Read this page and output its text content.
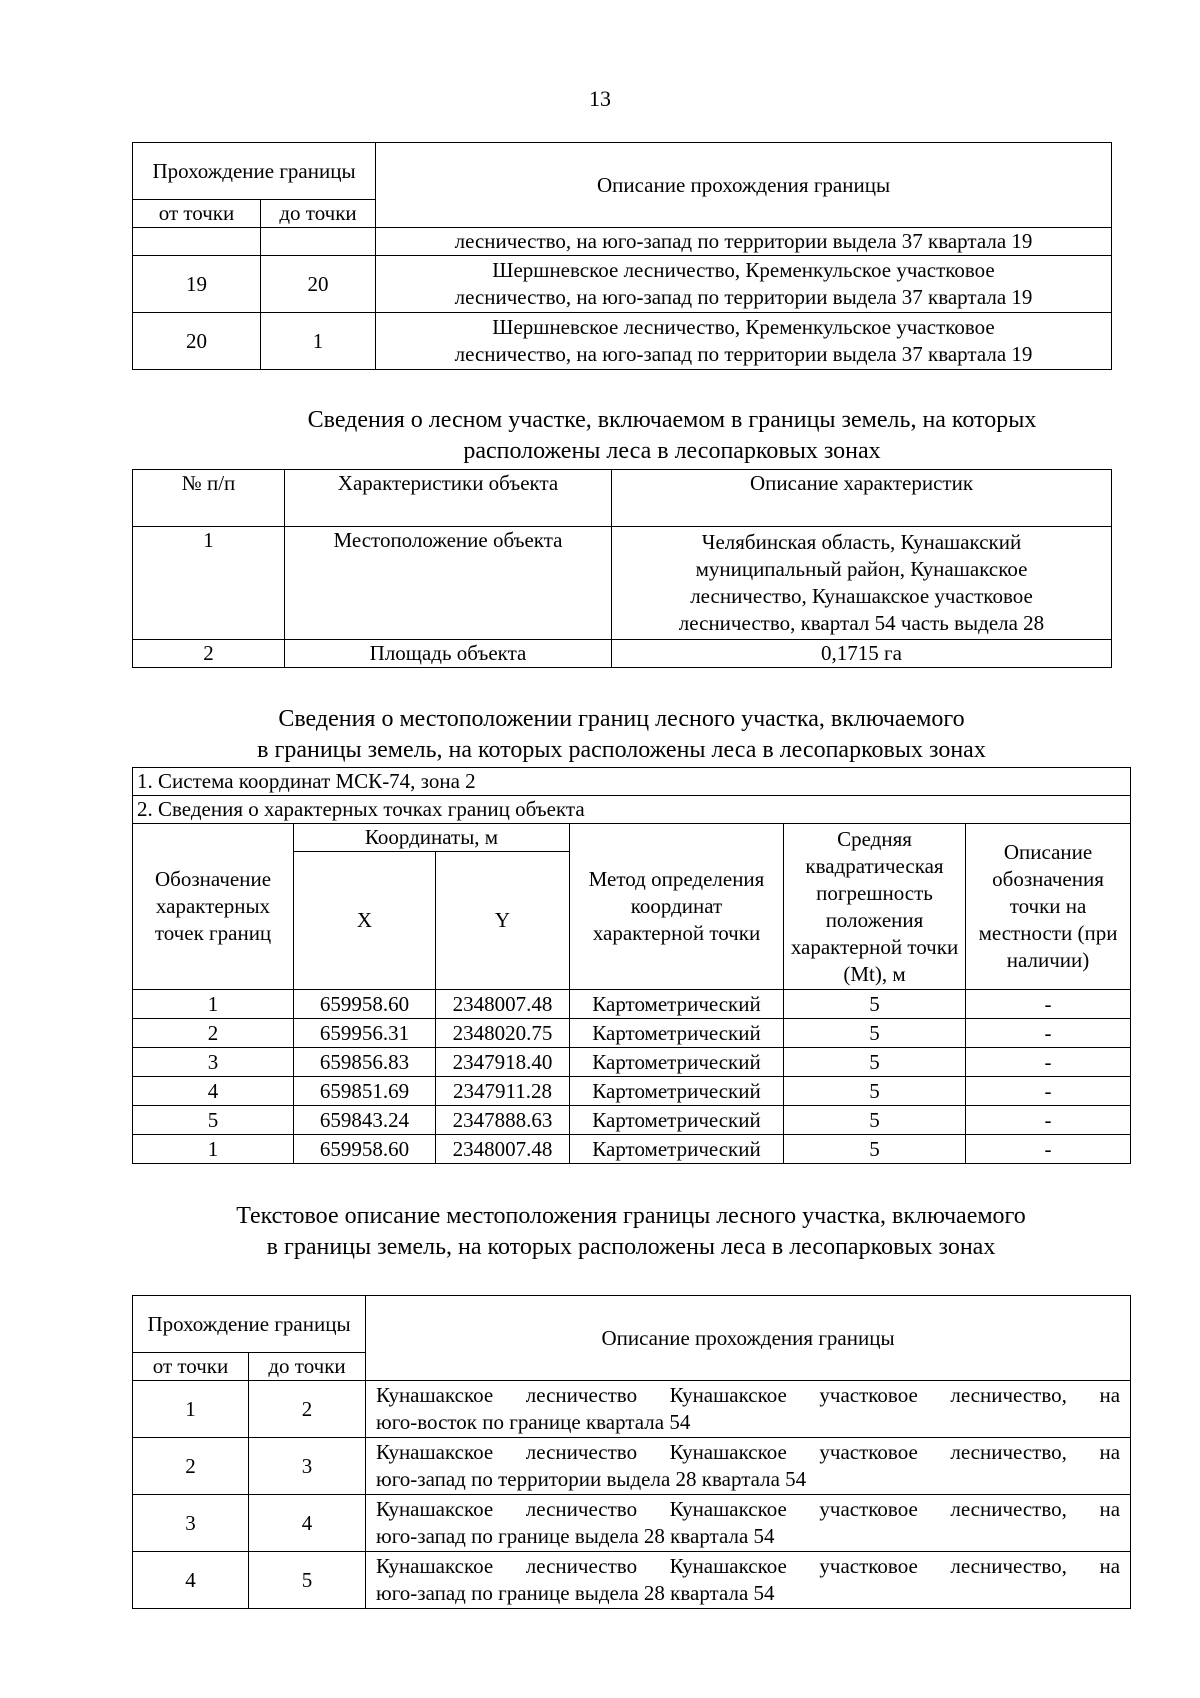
13
Прохождение границы		Описание прохождения границы
от точки	до точки	
		лесничество, на юго-запад по территории выдела 37 квартала 19
19	20	Шершневское лесничество, Кременкульское участковое
лесничество, на юго-запад по территории выдела 37 квартала 19
20	1	Шершневское лесничество, Кременкульское участковое
лесничество, на юго-запад по территории выдела 37 квартала 19
Сведения о лесном участке, включаемом в границы земель, на которых
расположены леса в лесопарковых зонах
№ п/п	Характеристики объекта	Описание характеристик
1	Местоположение объекта	Челябинская область, Кунашакский муниципальный район, Кунашакское лесничество, Кунашакское участковое лесничество, квартал 54 часть выдела 28
2	Площадь объекта	0,1715 га
Сведения о местоположении границ лесного участка, включаемого
в границы земель, на которых расположены леса в лесопарковых зонах
1. Система координат МСК-74, зона 2					
2. Сведения о характерных точках границ объекта					
Обозначение характерных точек границ	Координаты, м		Метод определения координат характерной точки	Средняя квадратическая погрешность положения характерной точки (Mt), м	Описание обозначения точки на местности (при наличии)
	X	Y			
1	659958.60	2348007.48	Картометрический	5	-
2	659956.31	2348020.75	Картометрический	5	-
3	659856.83	2347918.40	Картометрический	5	-
4	659851.69	2347911.28	Картометрический	5	-
5	659843.24	2347888.63	Картометрический	5	-
1	659958.60	2348007.48	Картометрический	5	-
Текстовое описание местоположения границы лесного участка, включаемого
в границы земель, на которых расположены леса в лесопарковых зонах
Прохождение границы		Описание прохождения границы
от точки	до точки	
1	2	Кунашакское лесничество Кунашакское участковое лесничество, на
юго-восток по границе квартала 54

2	3	Кунашакское лесничество Кунашакское участковое лесничество, на
юго-запад по территории выдела 28 квартала 54

3	4	Кунашакское лесничество Кунашакское участковое лесничество, на
юго-запад по границе выдела 28 квартала 54

4	5	Кунашакское лесничество Кунашакское участковое лесничество, на
юго-запад по границе выдела 28 квартала 54
